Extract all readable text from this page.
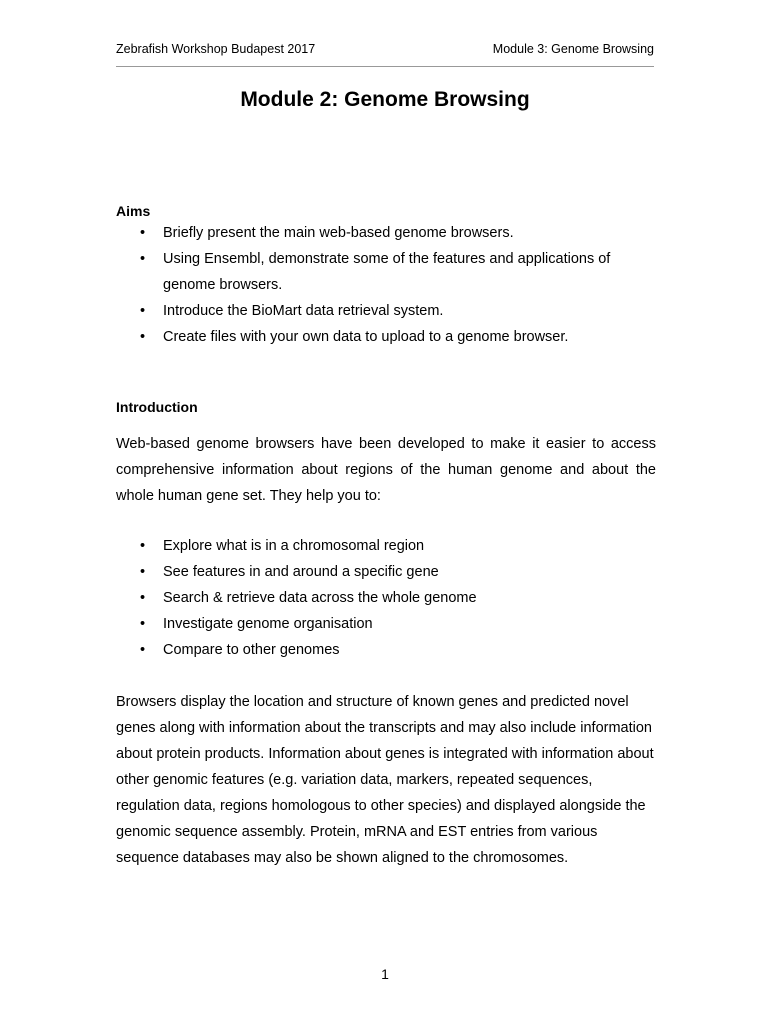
Zebrafish Workshop Budapest 2017	Module 3: Genome Browsing
Module 2: Genome Browsing
Aims
• Briefly present the main web-based genome browsers.
• Using Ensembl, demonstrate some of the features and applications of genome browsers.
• Introduce the BioMart data retrieval system.
• Create files with your own data to upload to a genome browser.
Introduction

Web-based genome browsers have been developed to make it easier to access comprehensive information about regions of the human genome and about the whole human gene set. They help you to:

• Explore what is in a chromosomal region
• See features in and around a specific gene
• Search & retrieve data across the whole genome
• Investigate genome organisation
• Compare to other genomes

Browsers display the location and structure of known genes and predicted novel genes along with information about the transcripts and may also include information about protein products. Information about genes is integrated with information about other genomic features (e.g. variation data, markers, repeated sequences, regulation data, regions homologous to other species) and displayed alongside the genomic sequence assembly. Protein, mRNA and EST entries from various sequence databases may also be shown aligned to the chromosomes.

1
